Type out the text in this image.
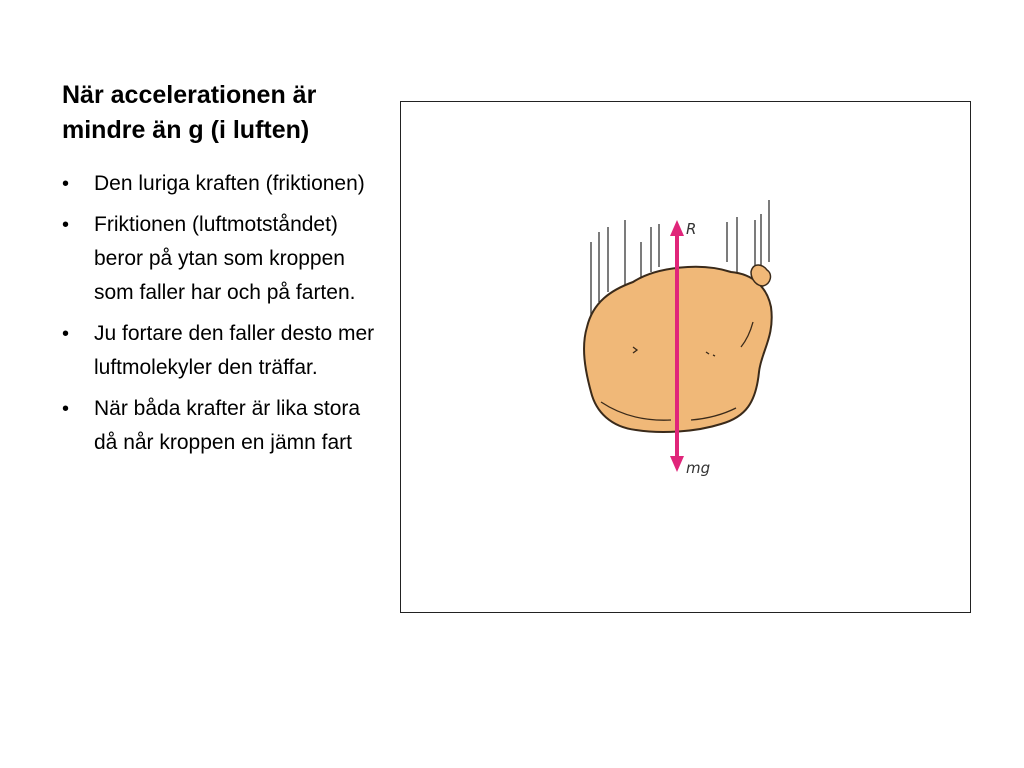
När accelerationen är mindre än g (i luften)
• Den luriga kraften (friktionen)
• Friktionen (luftmotståndet) beror på ytan som kroppen som faller har och på farten.
• Ju fortare den faller desto mer luftmolekyler den träffar.
• När båda krafter är lika stora då når kroppen en jämn fart
R
mg
